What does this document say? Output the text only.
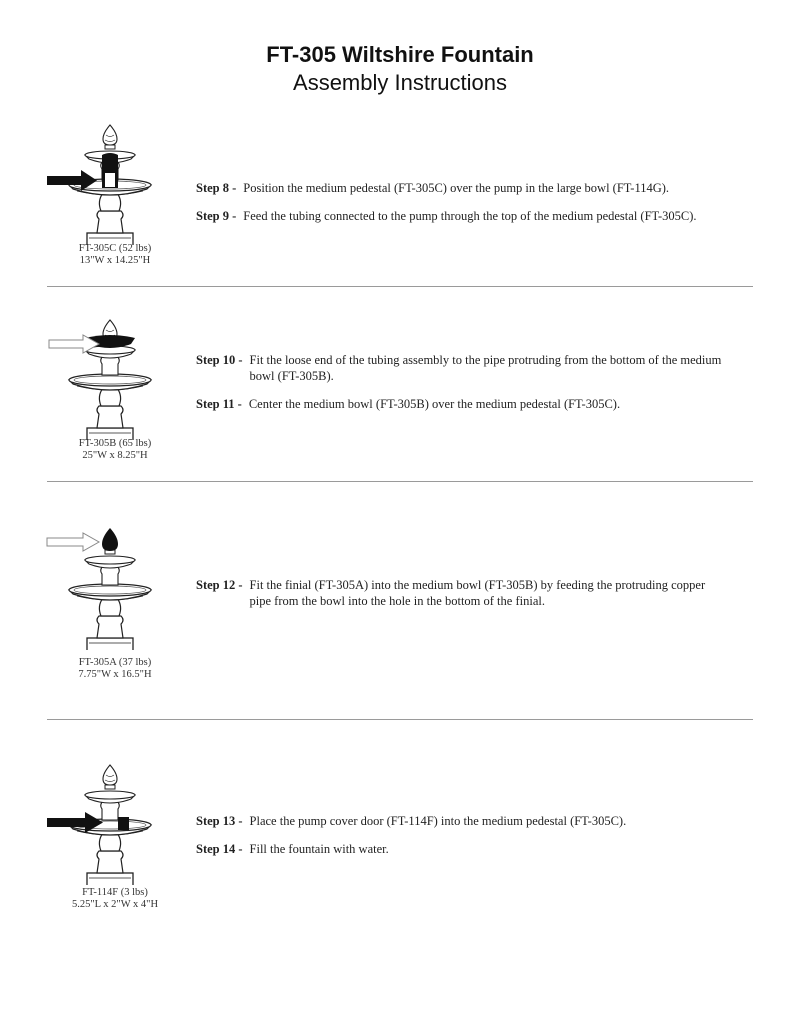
FT-305 Wiltshire Fountain
Assembly Instructions
FT-305C (52 lbs)
13"W x 14.25"H
Step 8 - Position the medium pedestal (FT-305C) over the pump in the large bowl (FT-114G).
Step 9 - Feed the tubing connected to the pump through the top of the medium pedestal (FT-305C).
FT-305B (65 lbs)
25"W x 8.25"H
Step 10 - Fit the loose end of the tubing assembly to the pipe protruding from the bottom of the medium bowl (FT-305B).
Step 11 - Center the medium bowl (FT-305B) over the medium pedestal (FT-305C).
FT-305A (37 lbs)
7.75"W x 16.5"H
Step 12 - Fit the finial (FT-305A) into the medium bowl (FT-305B) by feeding the protruding copper pipe from the bowl into the hole in the bottom of the finial.
FT-114F (3 lbs)
5.25"L x 2"W x 4"H
Step 13 - Place the pump cover door (FT-114F) into the medium pedestal (FT-305C).
Step 14 - Fill the fountain with water.
